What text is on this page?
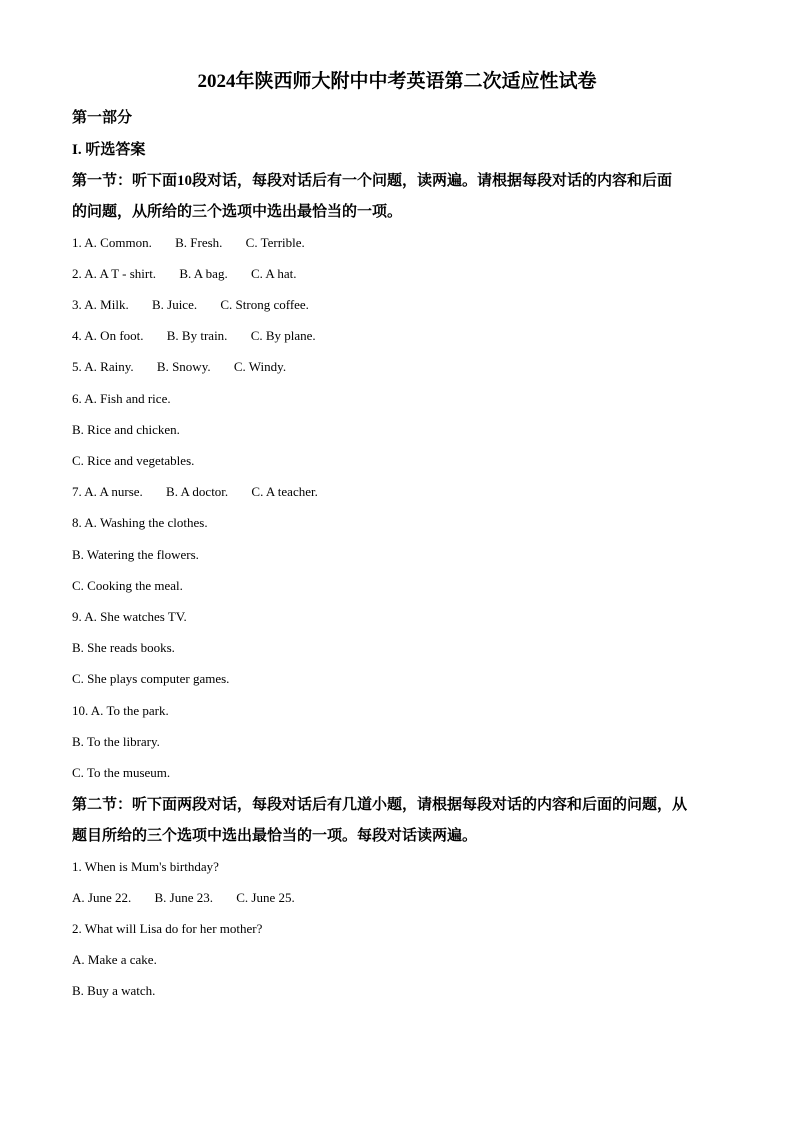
2024年陕西师大附中中考英语第二次适应性试卷
第一部分
I. 听选答案
第一节：听下面10段对话，每段对话后有一个问题，读两遍。请根据每段对话的内容和后面
的问题，从所给的三个选项中选出最恰当的一项。
1. A. Common. B. Fresh. C. Terrible.
2. A. A T - shirt. B. A bag. C. A hat.
3. A. Milk. B. Juice. C. Strong coffee.
4. A. On foot. B. By train. C. By plane.
5. A. Rainy. B. Snowy. C. Windy.
6. A. Fish and rice.
B. Rice and chicken.
C. Rice and vegetables.
7. A. A nurse. B. A doctor. C. A teacher.
8. A. Washing the clothes.
B. Watering the flowers.
C. Cooking the meal.
9. A. She watches TV.
B. She reads books.
C. She plays computer games.
10. A. To the park.
B. To the library.
C. To the museum.
第二节：听下面两段对话，每段对话后有几道小题，请根据每段对话的内容和后面的问题，从
题目所给的三个选项中选出最恰当的一项。每段对话读两遍。
1. When is Mum's birthday?
A. June 22. B. June 23. C. June 25.
2. What will Lisa do for her mother?
A. Make a cake.
B. Buy a watch.
